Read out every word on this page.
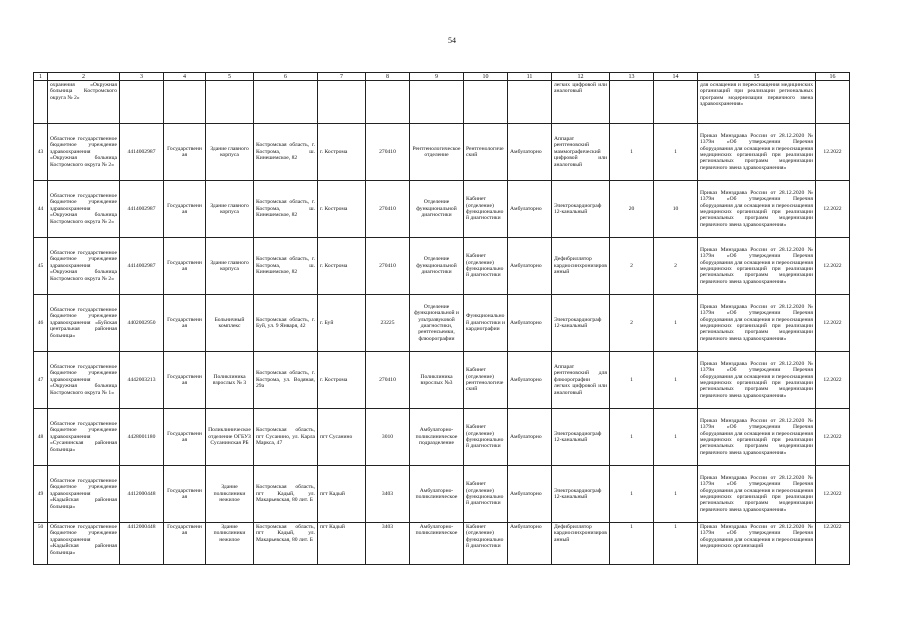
54
1	2	3	4	5	6	7	8	9	10	11	12	13	14	15	16
	охранения «Окружная больница Костромского округа № 2»										легких цифровой или аналоговый			для оснащения и переоснащения медицинских организаций при реализации региональных программ модернизации первичного звена здравоохранения»	
43	Областное государственное бюджетное учреждение здравоохранения «Окружная больница Костромского округа № 2»	4414002987	Государственная	Здание главного корпуса	Костромская область, г. Кострома, ш. Кинешемское, 82	г. Кострома	270410	Рентгенологическое отделение	Рентгенологический	Амбулаторно	Аппарат рентгеновский маммографический цифровой или аналоговый	1	1	Приказ Минздрава России от 28.12.2020 № 1379н «Об утверждении Перечня оборудования для оснащения и переоснащения медицинских организаций при реализации региональных программ модернизации первичного звена здравоохранения»	12.2022
44	Областное государственное бюджетное учреждение здравоохранения «Окружная больница Костромского округа № 2»	4414002987	Государственная	Здание главного корпуса	Костромская область, г. Кострома, ш. Кинешемское, 82	г. Кострома	270410	Отделение функциональной диагностики	Кабинет (отделение) функциональной диагностики	Амбулаторно	Электрокардиограф 12-канальный	20	10	Приказ Минздрава России от 28.12.2020 № 1379н «Об утверждении Перечня оборудования для оснащения и переоснащения медицинских организаций при реализации региональных программ модернизации первичного звена здравоохранения»	12.2022
45	Областное государственное бюджетное учреждение здравоохранения «Окружная больница Костромского округа № 2»	4414002987	Государственная	Здание главного корпуса	Костромская область, г. Кострома, ш. Кинешемское, 82	г. Кострома	270410	Отделение функциональной диагностики	Кабинет (отделение) функциональной диагностики	Амбулаторно	Дефибриллятор кардиосинхронизированный	2	2	Приказ Минздрава России от 28.12.2020 № 1379н «Об утверждении Перечня оборудования для оснащения и переоснащения медицинских организаций при реализации региональных программ модернизации первичного звена здравоохранения»	12.2022
46	Областное государственное бюджетное учреждение здравоохранения «Буйская центральная районная больница»	4402002950	Государственная	Больничный комплекс	Костромская область, г. Буй, ул. 9 Января, 42	г. Буй	23225	Отделение функциональной и ультразвуковой диагностики, рентгенсьемки, флюорографии	Функциональной диагностики и кардиографии	Амбулаторно	Электрокардиограф 12-канальный	2	1	Приказ Минздрава России от 28.12.2020 № 1379н «Об утверждении Перечня оборудования для оснащения и переоснащения медицинских организаций при реализации региональных программ модернизации первичного звена здравоохранения»	12.2022
47	Областное государственное бюджетное учреждение здравоохранения «Окружная больница Костромского округа № 1»	4442003213	Государственная	Поликлиника взрослых № 3	Костромская область, г. Кострома, ул. Водяная, 29а	г. Кострома	270410	Поликлиника взрослых №3	Кабинет (отделение) рентгенологический	Амбулаторно	Аппарат рентгеновский для флюорографии легких цифровой или аналоговый	1	1	Приказ Минздрава России от 28.12.2020 № 1379н «Об утверждении Перечня оборудования для оснащения и переоснащения медицинских организаций при реализации региональных программ модернизации первичного звена здравоохранения»	12.2022
48	Областное государственное бюджетное учреждение здравоохранения «Сусанинская районная больница»	4428001180	Государственная	Поликлиническое отделение ОГБУЗ Сусанинская РБ	Костромская область, пгт Сусанино, ул. Карла Маркса, 47	пгт Сусанино	3010	Амбулаторно-поликлиническое подразделение	Кабинет (отделение) функциональной диагностики	Амбулаторно	Электрокардиограф 12-канальный	1	1	Приказ Минздрава России от 28.12.2020 № 1379н «Об утверждении Перечня оборудования для оснащения и переоснащения медицинских организаций при реализации региональных программ модернизации первичного звена здравоохранения»	12.2022
49	Областное государственное бюджетное учреждение здравоохранения «Кадыйская районная больница»	4412000448	Государственная	Здание поликлиники нежилое	Костромская область, пгт Кадый, ул. Макарьевская, 80 лит. Б	пгт Кадый	3403	Амбулаторно-поликлиническое	Кабинет (отделение) функциональной диагностики	Амбулаторно	Электрокардиограф 12-канальный	1	1	Приказ Минздрава России от 28.12.2020 № 1379н «Об утверждении Перечня оборудования для оснащения и переоснащения медицинских организаций при реализации региональных программ модернизации первичного звена здравоохранения»	12.2022
50	Областное государственное бюджетное учреждение здравоохранения «Кадыйская районная больница»	4412000448	Государственная	Здание поликлиники нежилое	Костромская область, пгт Кадый, ул. Макарьевская, 80 лит. Б	пгт Кадый	3403	Амбулаторно-поликлиническое	Кабинет (отделение) функциональной диагностики	Амбулаторно	Дефибриллятор кардиосинхронизированный	1	1	Приказ Минздрава России от 28.12.2020 № 1379н «Об утверждении Перечня оборудования для оснащения и переоснащения медицинских организаций	12.2022
